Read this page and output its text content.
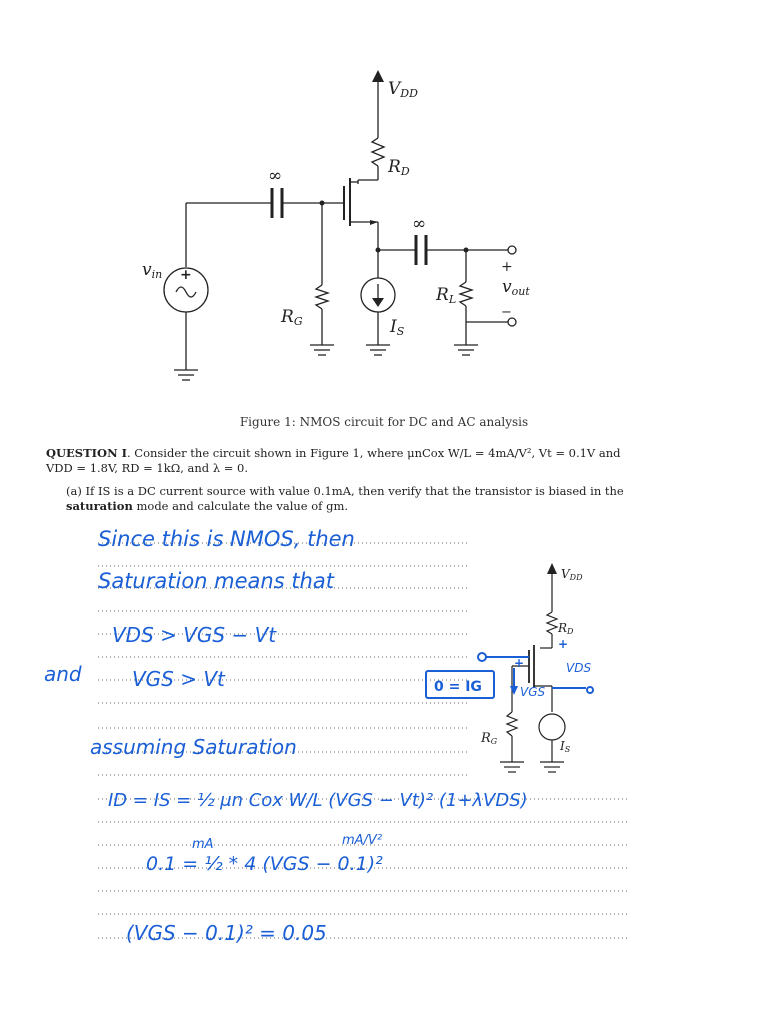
VDD
RD
RG
RL
IS
vin
vout
∞
∞
+	+
−
Figure 1: NMOS circuit for DC and AC analysis
QUESTION I. Consider the circuit shown in Figure 1, where μnCox W/L = 4mA/V², Vt = 0.1V and VDD = 1.8V, RD = 1kΩ, and λ = 0.
(a) If IS is a DC current source with value 0.1mA, then verify that the transistor is biased in the saturation mode and calculate the value of gm.
VDD
RD
RG	IS
Since this is NMOS, then
Saturation means that
VDS > VGS − Vt
and	VGS > Vt	0 = IG
VDS
VGS
+
+
assuming Saturation
ID = IS = ½ μn Cox W/L (VGS − Vt)² (1+λVDS)
mA	mA/V²
0.1 = ½ * 4 (VGS − 0.1)²
(VGS − 0.1)² = 0.05
